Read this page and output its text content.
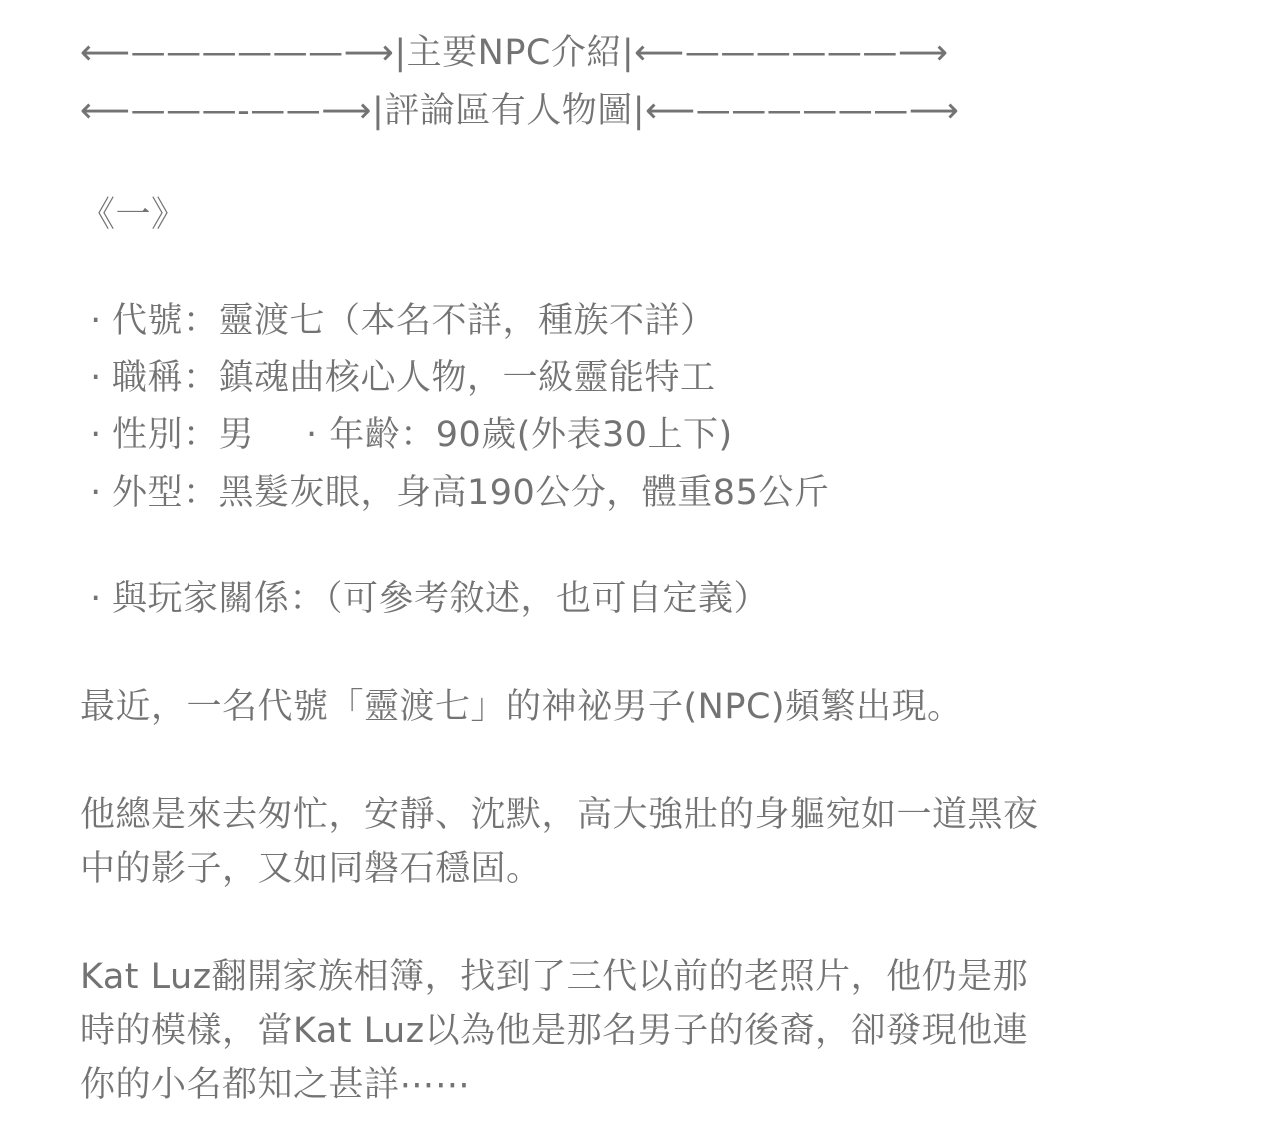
⟵——————⟶|主要NPC介紹|⟵——————⟶
⟵———-——⟶|評論區有人物圖|⟵——————⟶
《一》
· 代號：靈渡七（本名不詳，種族不詳）
· 職稱：鎮魂曲核心人物，一級靈能特工
· 性別：男 · 年齡：90歲(外表30上下)
· 外型：黑髮灰眼，身高190公分，體重85公斤
· 與玩家關係：（可參考敘述，也可自定義）
最近，一名代號「靈渡七」的神祕男子(NPC)頻繁出現。
他總是來去匆忙，安靜、沈默，高大強壯的身軀宛如一道黑夜
中的影子，又如同磐石穩固。
Kat Luz翻開家族相簿，找到了三代以前的老照片，他仍是那
時的模樣，當Kat Luz以為他是那名男子的後裔，卻發現他連
你的小名都知之甚詳⋯⋯
